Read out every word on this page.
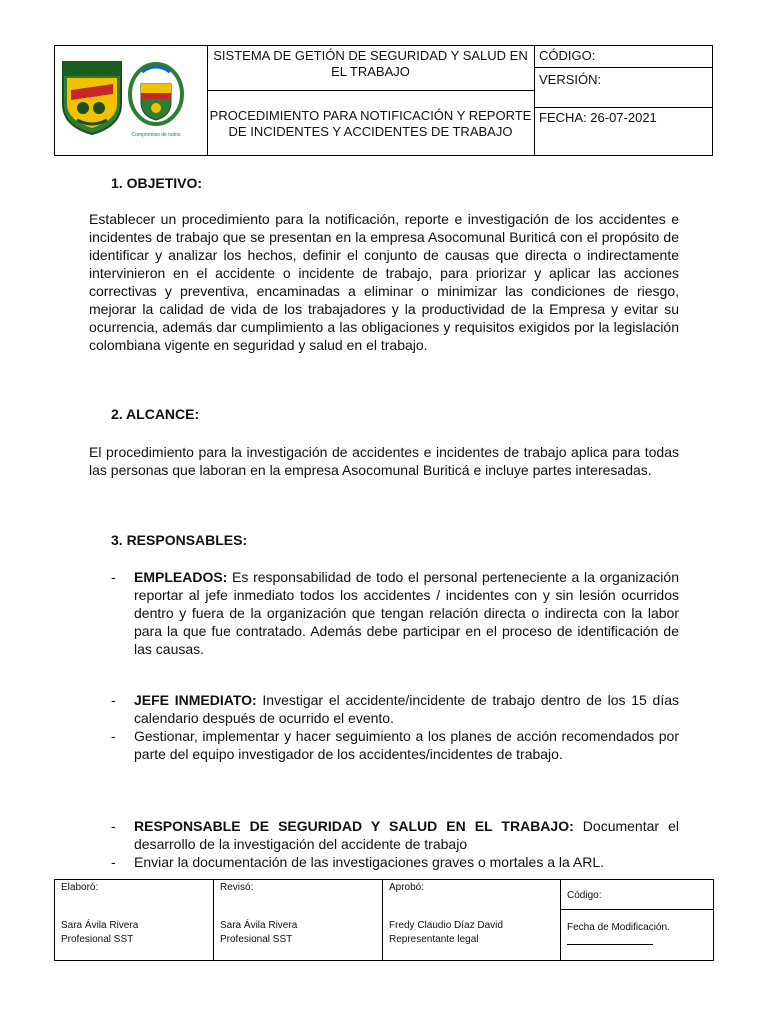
Compromiso de todos
SISTEMA DE GETIÓN DE SEGURIDAD Y SALUD EN EL TRABAJO
PROCEDIMIENTO PARA NOTIFICACIÓN Y REPORTE DE INCIDENTES Y ACCIDENTES DE TRABAJO
CÓDIGO:
VERSIÓN:
FECHA: 26-07-2021
1. OBJETIVO:

Establecer un procedimiento para la notificación, reporte e investigación de los accidentes e incidentes de trabajo que se presentan en la empresa Asocomunal Buriticá con el propósito de identificar y analizar los hechos, definir el conjunto de causas que directa o indirectamente intervinieron en el accidente o incidente de trabajo, para priorizar y aplicar las acciones correctivas y preventiva, encaminadas a eliminar o minimizar las condiciones de riesgo, mejorar la calidad de vida de los trabajadores y la productividad de la Empresa y evitar su ocurrencia, además dar cumplimiento a las obligaciones y requisitos exigidos por la legislación colombiana vigente en seguridad y salud en el trabajo.

2. ALCANCE:

El procedimiento para la investigación de accidentes e incidentes de trabajo aplica para todas las personas que laboran en la empresa Asocomunal Buriticá e incluye partes interesadas.

3. RESPONSABLES:
- EMPLEADOS: Es responsabilidad de todo el personal perteneciente a la organización reportar al jefe inmediato todos los accidentes / incidentes con y sin lesión ocurridos dentro y fuera de la organización que tengan relación directa o indirecta con la labor para la que fue contratado. Además debe participar en el proceso de identificación de las causas.
- JEFE INMEDIATO: Investigar el accidente/incidente de trabajo dentro de los 15 días calendario después de ocurrido el evento.
- Gestionar, implementar y hacer seguimiento a los planes de acción recomendados por parte del equipo investigador de los accidentes/incidentes de trabajo.
- RESPONSABLE DE SEGURIDAD Y SALUD EN EL TRABAJO: Documentar el desarrollo de la investigación del accidente de trabajo
- Enviar la documentación de las investigaciones graves o mortales a la ARL.
Elaboró:
Sara Ávila Rivera
Profesional SST
Revisó:
Sara Ávila Rivera
Profesional SST
Aprobó:
Fredy Claudio Díaz David
Representante legal
Código:
Fecha de Modificación.
